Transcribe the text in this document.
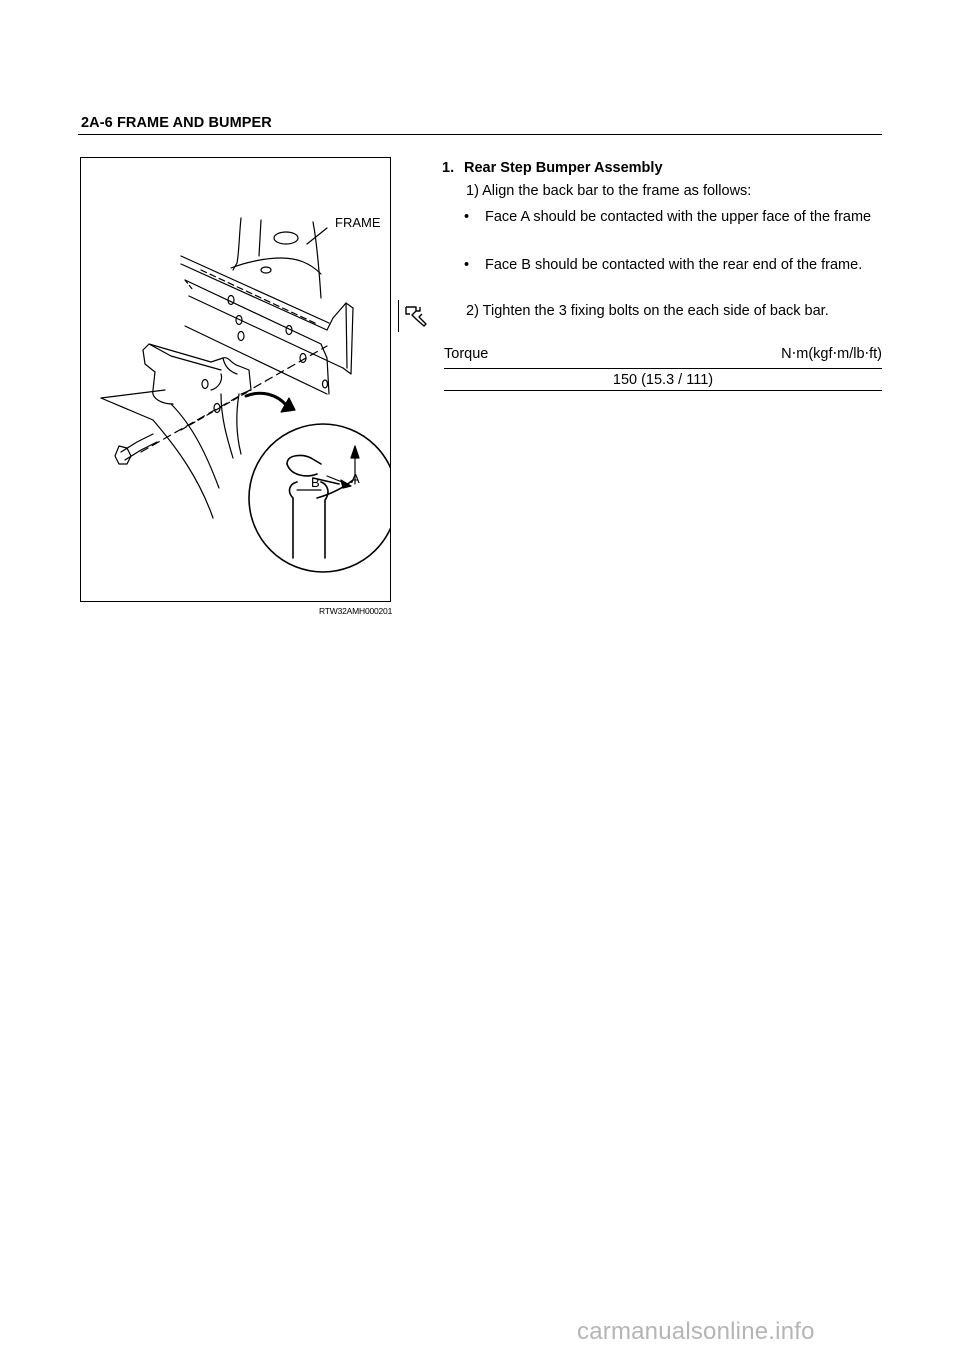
2A-6 FRAME AND BUMPER
FRAME
A
B
RTW32AMH000201
1. Rear Step Bumper Assembly
1) Align the back bar to the frame as follows:
• Face A should be contacted with the upper face of the frame
• Face B should be contacted with the rear end of the frame.
2) Tighten the 3 fixing bolts on the each side of back bar.
Torque	N⋅m(kgf⋅m/lb⋅ft)
150 (15.3 / 111)
carmanualsonline.info
